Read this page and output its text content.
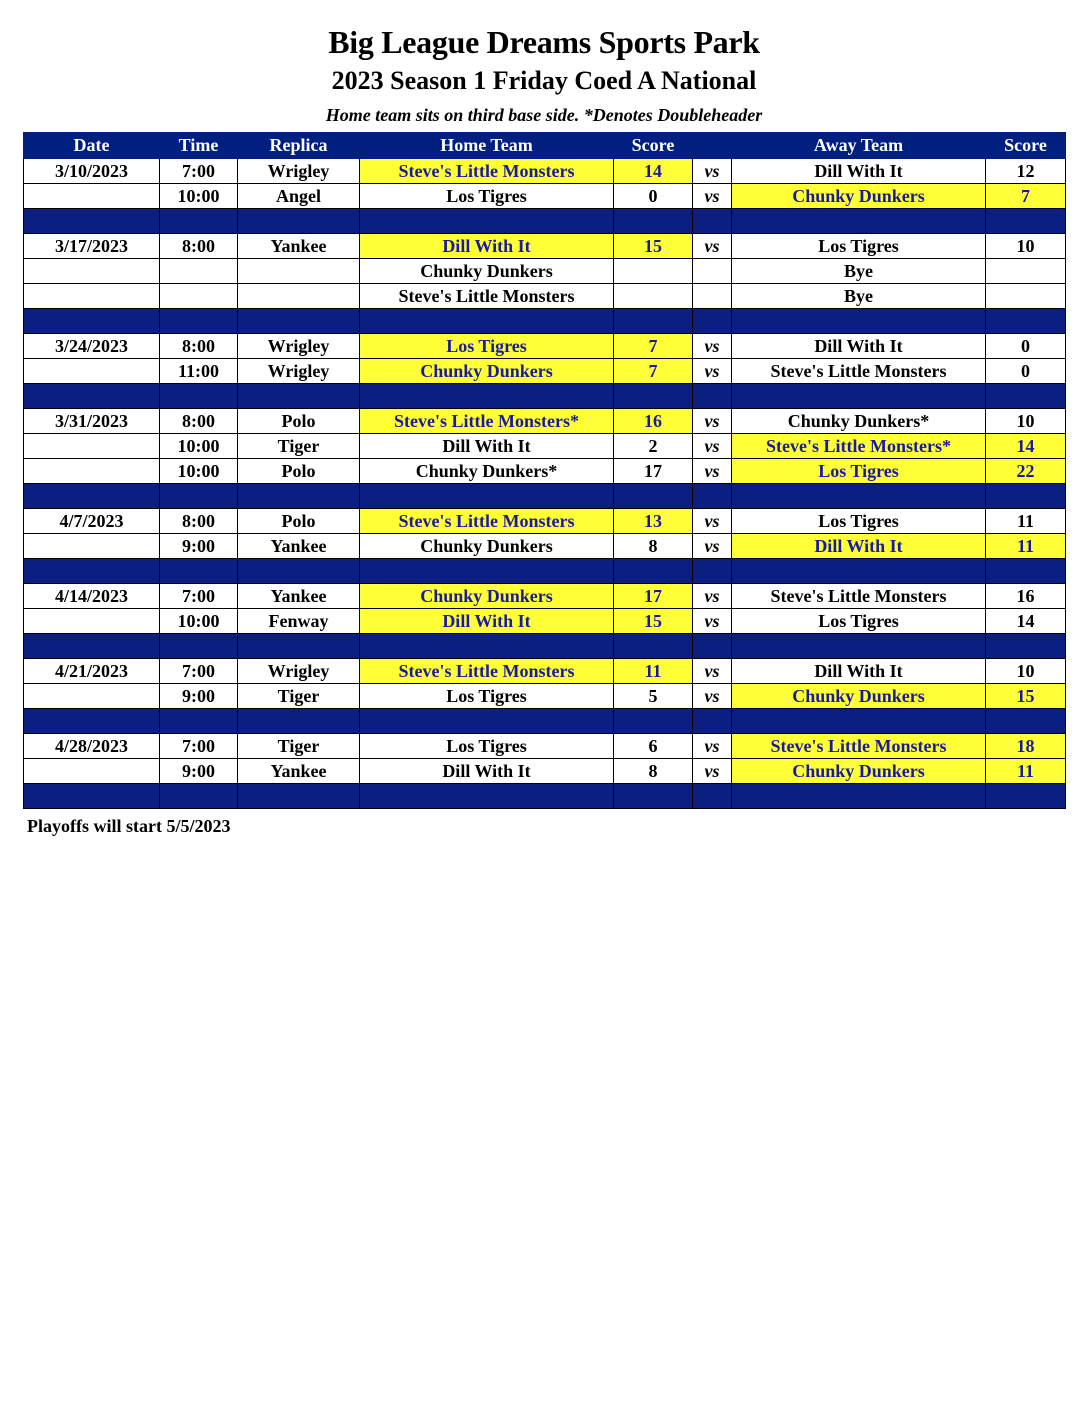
Big League Dreams Sports Park
2023 Season 1 Friday Coed A National
Home team sits on third base side. *Denotes Doubleheader
Date	Time	Replica	Home Team	Score		Away Team	Score
3/10/2023	7:00	Wrigley	Steve's Little Monsters	14	vs	Dill With It	12
	10:00	Angel	Los Tigres	0	vs	Chunky Dunkers	7

3/17/2023	8:00	Yankee	Dill With It	15	vs	Los Tigres	10
			Chunky Dunkers			Bye	
			Steve's Little Monsters			Bye	

3/24/2023	8:00	Wrigley	Los Tigres	7	vs	Dill With It	0
	11:00	Wrigley	Chunky Dunkers	7	vs	Steve's Little Monsters	0

3/31/2023	8:00	Polo	Steve's Little Monsters*	16	vs	Chunky Dunkers*	10
	10:00	Tiger	Dill With It	2	vs	Steve's Little Monsters*	14
	10:00	Polo	Chunky Dunkers*	17	vs	Los Tigres	22

4/7/2023	8:00	Polo	Steve's Little Monsters	13	vs	Los Tigres	11
	9:00	Yankee	Chunky Dunkers	8	vs	Dill With It	11

4/14/2023	7:00	Yankee	Chunky Dunkers	17	vs	Steve's Little Monsters	16
	10:00	Fenway	Dill With It	15	vs	Los Tigres	14

4/21/2023	7:00	Wrigley	Steve's Little Monsters	11	vs	Dill With It	10
	9:00	Tiger	Los Tigres	5	vs	Chunky Dunkers	15

4/28/2023	7:00	Tiger	Los Tigres	6	vs	Steve's Little Monsters	18
	9:00	Yankee	Dill With It	8	vs	Chunky Dunkers	11

Playoffs will start 5/5/2023
